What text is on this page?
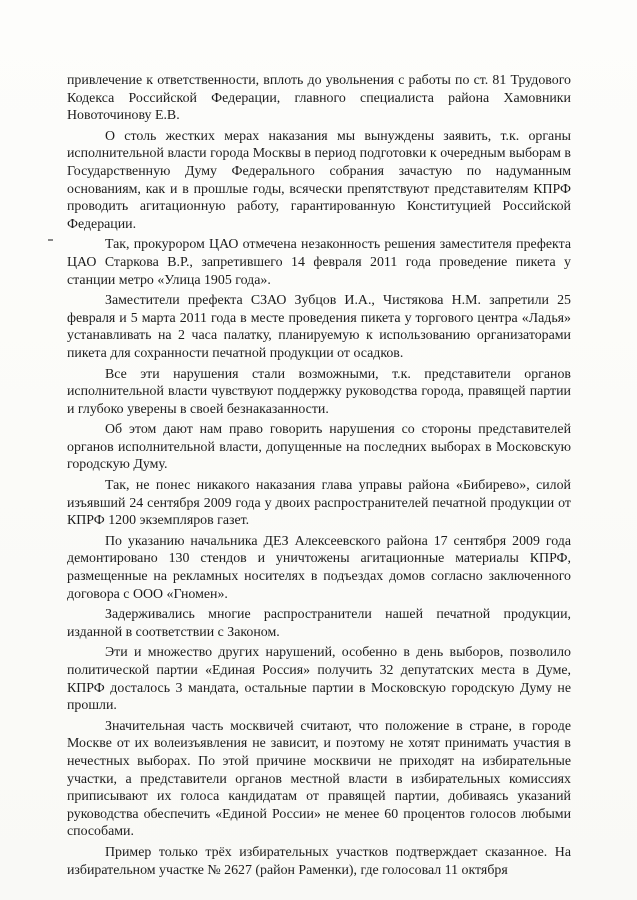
привлечение к ответственности, вплоть до увольнения с работы по ст. 81 Трудового Кодекса Российской Федерации, главного специалиста района Хамовники Новоточинову Е.В.

О столь жестких мерах наказания мы вынуждены заявить, т.к. органы исполнительной власти города Москвы в период подготовки к очередным выборам в Государственную Думу Федерального собрания зачастую по надуманным основаниям, как и в прошлые годы, всячески препятствуют представителям КПРФ проводить агитационную работу, гарантированную Конституцией Российской Федерации.

Так, прокурором ЦАО отмечена незаконность решения заместителя префекта ЦАО Старкова В.Р., запретившего 14 февраля 2011 года проведение пикета у станции метро «Улица 1905 года».

Заместители префекта СЗАО Зубцов И.А., Чистякова Н.М. запретили 25 февраля и 5 марта 2011 года в месте проведения пикета у торгового центра «Ладья» устанавливать на 2 часа палатку, планируемую к использованию организаторами пикета для сохранности печатной продукции от осадков.

Все эти нарушения стали возможными, т.к. представители органов исполнительной власти чувствуют поддержку руководства города, правящей партии и глубоко уверены в своей безнаказанности.

Об этом дают нам право говорить нарушения со стороны представителей органов исполнительной власти, допущенные на последних выборах в Московскую городскую Думу.

Так, не понес никакого наказания глава управы района «Бибирево», силой изъявший 24 сентября 2009 года у двоих распространителей печатной продукции от КПРФ 1200 экземпляров газет.

По указанию начальника ДЕЗ Алексеевского района 17 сентября 2009 года демонтировано 130 стендов и уничтожены агитационные материалы КПРФ, размещенные на рекламных носителях в подъездах домов согласно заключенного договора с ООО «Гномен».

Задерживались многие распространители нашей печатной продукции, изданной в соответствии с Законом.

Эти и множество других нарушений, особенно в день выборов, позволило политической партии «Единая Россия» получить 32 депутатских места в Думе, КПРФ досталось 3 мандата, остальные партии в Московскую городскую Думу не прошли.

Значительная часть москвичей считают, что положение в стране, в городе Москве от их волеизъявления не зависит, и поэтому не хотят принимать участия в нечестных выборах. По этой причине москвичи не приходят на избирательные участки, а представители органов местной власти в избирательных комиссиях приписывают их голоса кандидатам от правящей партии, добиваясь указаний руководства обеспечить «Единой России» не менее 60 процентов голосов любыми способами.

Пример только трёх избирательных участков подтверждает сказанное. На избирательном участке № 2627 (район Раменки), где голосовал 11 октября
